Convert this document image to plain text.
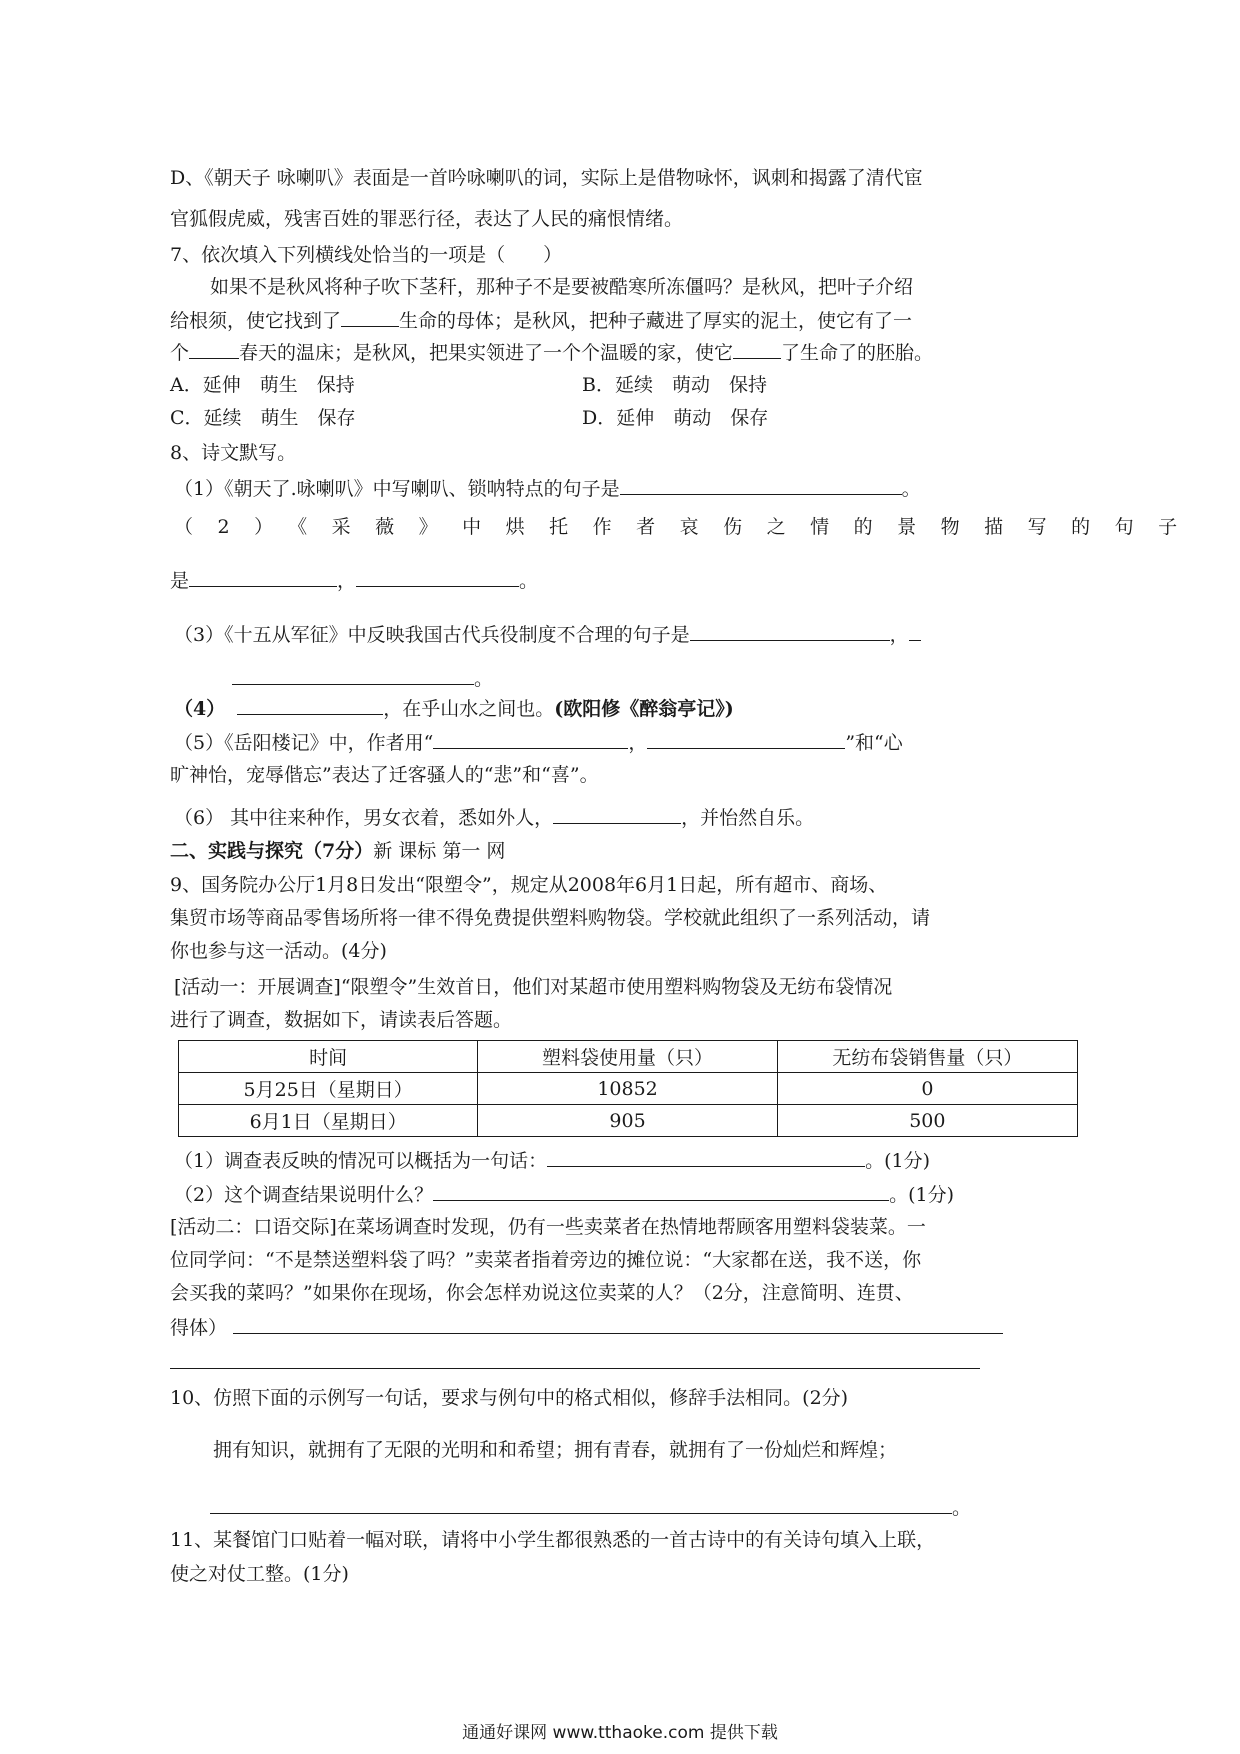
D、《朝天子 咏喇叭》表面是一首吟咏喇叭的词，实际上是借物咏怀，讽刺和揭露了清代宦
官狐假虎威，残害百姓的罪恶行径，表达了人民的痛恨情绪。
7、依次填入下列横线处恰当的一项是（　　）
如果不是秋风将种子吹下茎秆，那种子不是要被酷寒所冻僵吗？是秋风，把叶子介绍
给根须，使它找到了	生命的母体；是秋风，把种子藏进了厚实的泥土，使它有了一
个	春天的温床；是秋风，把果实领进了一个个温暖的家，使它	了生命了的胚胎。
A．延伸　萌生　保持	B．延续　萌动　保持
C．延续　萌生　保存	D．延伸　萌动　保存
8、诗文默写。
（1）《朝天了.咏喇叭》中写喇叭、锁呐特点的句子是	。
（2）《采薇》中烘托作者哀伤之情的景物描写的句子
是	，	。
（3）《十五从军征》中反映我国古代兵役制度不合理的句子是	，
。
（4）	，在乎山水之间也。(欧阳修《醉翁亭记》)
（5）《岳阳楼记》中，作者用“	，	”和“心
旷神怡，宠辱偕忘”表达了迁客骚人的“悲”和“喜”。
（6） 其中往来种作，男女衣着，悉如外人，	，并怡然自乐。
二、实践与探究（7分）新 课标 第一 网
9、国务院办公厅1月8日发出“限塑令”，规定从2008年6月1日起，所有超市、商场、
集贸市场等商品零售场所将一律不得免费提供塑料购物袋。学校就此组织了一系列活动，请
你也参与这一活动。(4分)
[活动一：开展调查]“限塑令”生效首日，他们对某超市使用塑料购物袋及无纺布袋情况
进行了调查，数据如下，请读表后答题。
时间	塑料袋使用量（只）	无纺布袋销售量（只）
5月25日（星期日）	10852	0
6月1日（星期日）	905	500
（1）调查表反映的情况可以概括为一句话：	。(1分)
（2）这个调查结果说明什么？	。(1分)
[活动二：口语交际]在菜场调查时发现，仍有一些卖菜者在热情地帮顾客用塑料袋装菜。一
位同学问：“不是禁送塑料袋了吗？”卖菜者指着旁边的摊位说：“大家都在送，我不送，你
会买我的菜吗？”如果你在现场，你会怎样劝说这位卖菜的人？（2分，注意简明、连贯、
得体）
10、仿照下面的示例写一句话，要求与例句中的格式相似，修辞手法相同。(2分)
拥有知识，就拥有了无限的光明和和希望；拥有青春，就拥有了一份灿烂和辉煌；
。
11、某餐馆门口贴着一幅对联，请将中小学生都很熟悉的一首古诗中的有关诗句填入上联，
使之对仗工整。(1分)
通通好课网 www.tthaoke.com 提供下载
